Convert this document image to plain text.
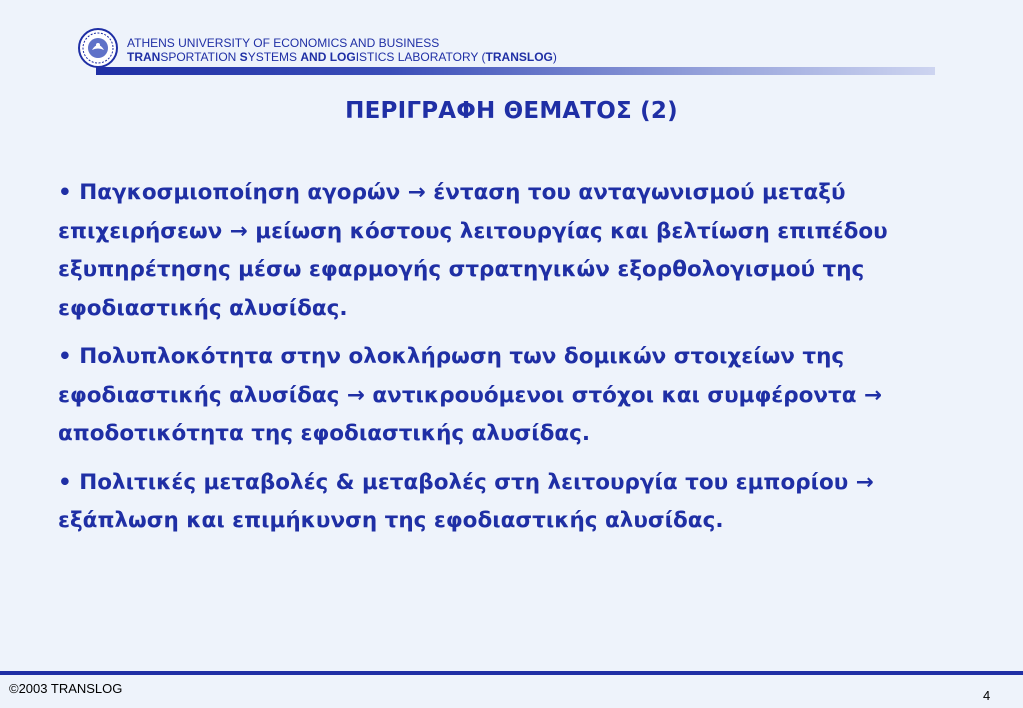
ATHENS UNIVERSITY OF ECONOMICS AND BUSINESS
TRANSPORTATION SYSTEMS AND LOGISTICS LABORATORY (TRANSLOG)
ΠΕΡΙΓΡΑΦΗ ΘΕΜΑΤΟΣ (2)

• Παγκοσμιοποίηση αγορών → ένταση του ανταγωνισμού μεταξύ επιχειρήσεων → μείωση κόστους λειτουργίας και βελτίωση επιπέδου εξυπηρέτησης μέσω εφαρμογής στρατηγικών εξορθολογισμού της εφοδιαστικής αλυσίδας.

• Πολυπλοκότητα στην ολοκλήρωση των δομικών στοιχείων της εφοδιαστικής αλυσίδας → αντικρουόμενοι στόχοι και συμφέροντα → αποδοτικότητα της εφοδιαστικής αλυσίδας.

• Πολιτικές μεταβολές & μεταβολές στη λειτουργία του εμπορίου → εξάπλωση και επιμήκυνση της εφοδιαστικής αλυσίδας.

©2003 TRANSLOG	4
